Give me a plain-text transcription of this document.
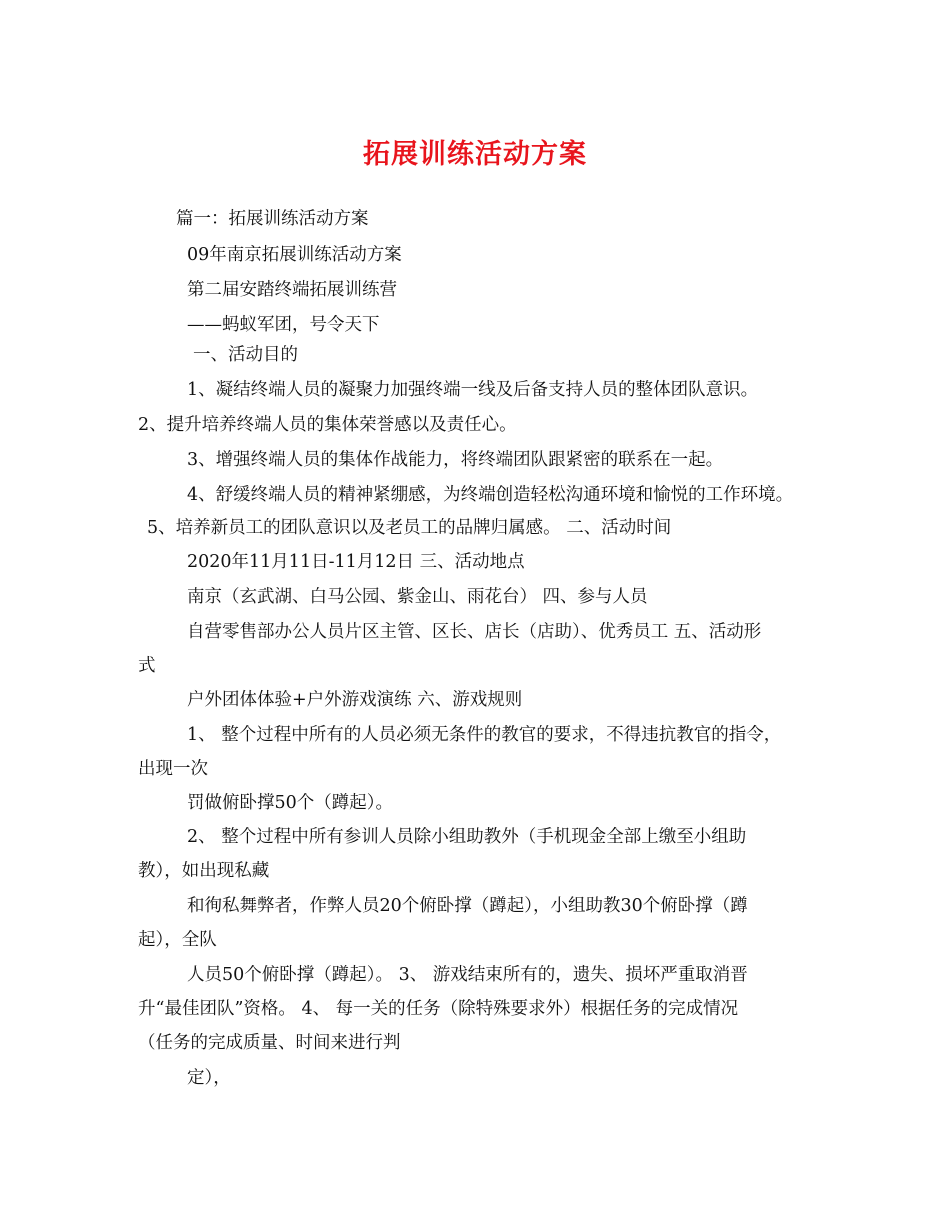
拓展训练活动方案

篇一：拓展训练活动方案

09年南京拓展训练活动方案

第二届安踏终端拓展训练营

——蚂蚁军团，号令天下

一、活动目的

1、凝结终端人员的凝聚力加强终端一线及后备支持人员的整体团队意识。

2、提升培养终端人员的集体荣誉感以及责任心。

3、增强终端人员的集体作战能力，将终端团队跟紧密的联系在一起。

4、舒缓终端人员的精神紧绷感，为终端创造轻松沟通环境和愉悦的工作环境。

5、培养新员工的团队意识以及老员工的品牌归属感。 二、活动时间

2020年11月11日-11月12日 三、活动地点

南京（玄武湖、白马公园、紫金山、雨花台） 四、参与人员

自营零售部办公人员片区主管、区长、店长（店助）、优秀员工 五、活动形

式

户外团体体验+户外游戏演练 六、游戏规则

1、 整个过程中所有的人员必须无条件的教官的要求，不得违抗教官的指令，

出现一次

罚做俯卧撑50个（蹲起）。

2、 整个过程中所有参训人员除小组助教外（手机现金全部上缴至小组助

教），如出现私藏

和徇私舞弊者，作弊人员20个俯卧撑（蹲起），小组助教30个俯卧撑（蹲

起），全队

人员50个俯卧撑（蹲起）。 3、 游戏结束所有的，遗失、损坏严重取消晋

升“最佳团队”资格。 4、 每一关的任务（除特殊要求外）根据任务的完成情况

（任务的完成质量、时间来进行判

定），
